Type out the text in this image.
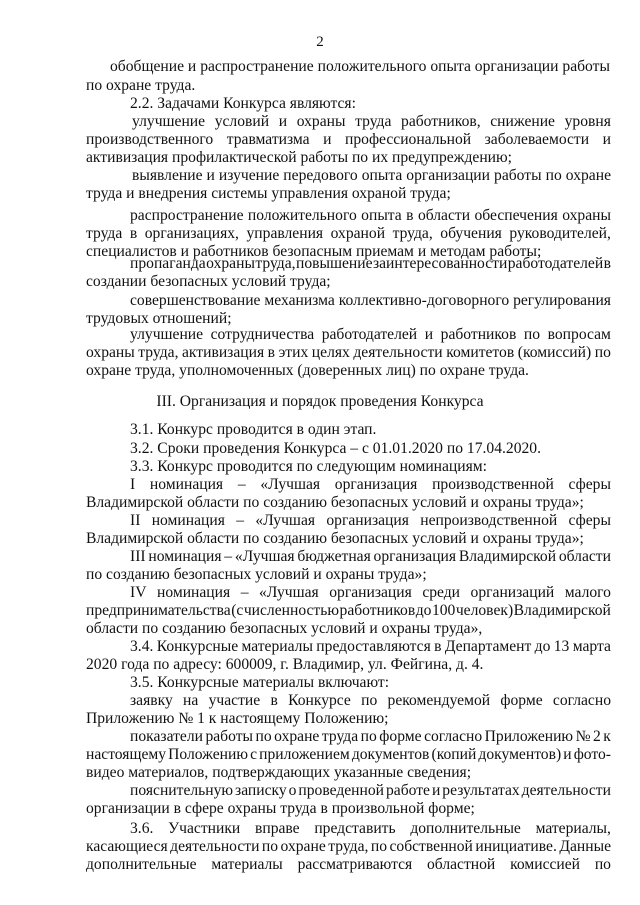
2
III. Организация и порядок проведения Конкурса
обобщение и распространение положительного опыта организации работы
по охране труда.
2.2. Задачами Конкурса являются:
улучшение условий и охраны труда работников, снижение уровня
производственного травматизма и профессиональной заболеваемости и
активизация профилактической работы по их предупреждению;
выявление и изучение передового опыта организации работы по охране
труда и внедрения системы управления охраной труда;
распространение положительного опыта в области обеспечения охраны
труда в организациях, управления охраной труда, обучения руководителей,
специалистов и работников безопасным приемам и методам работы;
пропаганда охраны труда, повышение заинтересованности работодателей в
создании безопасных условий труда;
совершенствование механизма коллективно-договорного регулирования
трудовых отношений;
улучшение сотрудничества работодателей и работников по вопросам
охраны труда, активизация в этих целях деятельности комитетов (комиссий) по
охране труда, уполномоченных (доверенных лиц) по охране труда.
3.1. Конкурс проводится в один этап.
3.2. Сроки проведения Конкурса – с 01.01.2020 по 17.04.2020.
3.3. Конкурс проводится по следующим номинациям:
I номинация – «Лучшая организация производственной сферы
Владимирской области по созданию безопасных условий и охраны труда»;
II номинация – «Лучшая организация непроизводственной сферы
Владимирской области по созданию безопасных условий и охраны труда»;
III номинация – «Лучшая бюджетная организация Владимирской области
по созданию безопасных условий и охраны труда»;
IV номинация – «Лучшая организация среди организаций малого
предпринимательства (с численностью работников до 100 человек) Владимирской
области по созданию безопасных условий и охраны труда»,
3.4. Конкурсные материалы предоставляются в Департамент до 13 марта
2020 года по адресу: 600009, г. Владимир, ул. Фейгина, д. 4.
3.5. Конкурсные материалы включают:
заявку на участие в Конкурсе по рекомендуемой форме согласно
Приложению № 1 к настоящему Положению;
показатели работы по охране труда по форме согласно Приложению № 2 к
настоящему Положению с приложением документов (копий документов) и фото-
видео материалов, подтверждающих указанные сведения;
пояснительную записку о проведенной работе и результатах деятельности
организации в сфере охраны труда в произвольной форме;
3.6. Участники вправе представить дополнительные материалы,
касающиеся деятельности по охране труда, по собственной инициативе. Данные
дополнительные материалы рассматриваются областной комиссией по
